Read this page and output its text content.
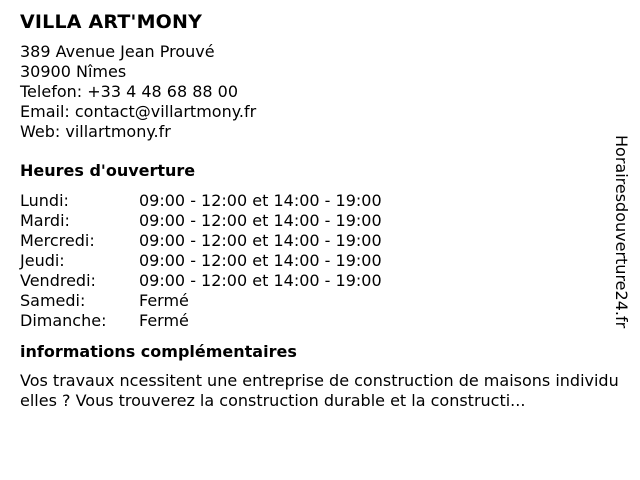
VILLA ART'MONY
389 Avenue Jean Prouvé
30900 Nîmes
Telefon: +33 4 48 68 88 00
Email: contact@villartmony.fr
Web: villartmony.fr
Heures d'ouverture
Lundi:	09:00 - 12:00 et 14:00 - 19:00
Mardi:	09:00 - 12:00 et 14:00 - 19:00
Mercredi:	09:00 - 12:00 et 14:00 - 19:00
Jeudi:	09:00 - 12:00 et 14:00 - 19:00
Vendredi:	09:00 - 12:00 et 14:00 - 19:00
Samedi:	Fermé
Dimanche:	Fermé
informations complémentaires
Vos travaux ncessitent une entreprise de construction de maisons individuelles ? Vous trouverez la construction durable et la constructi...
Horairesdouverture24.fr
